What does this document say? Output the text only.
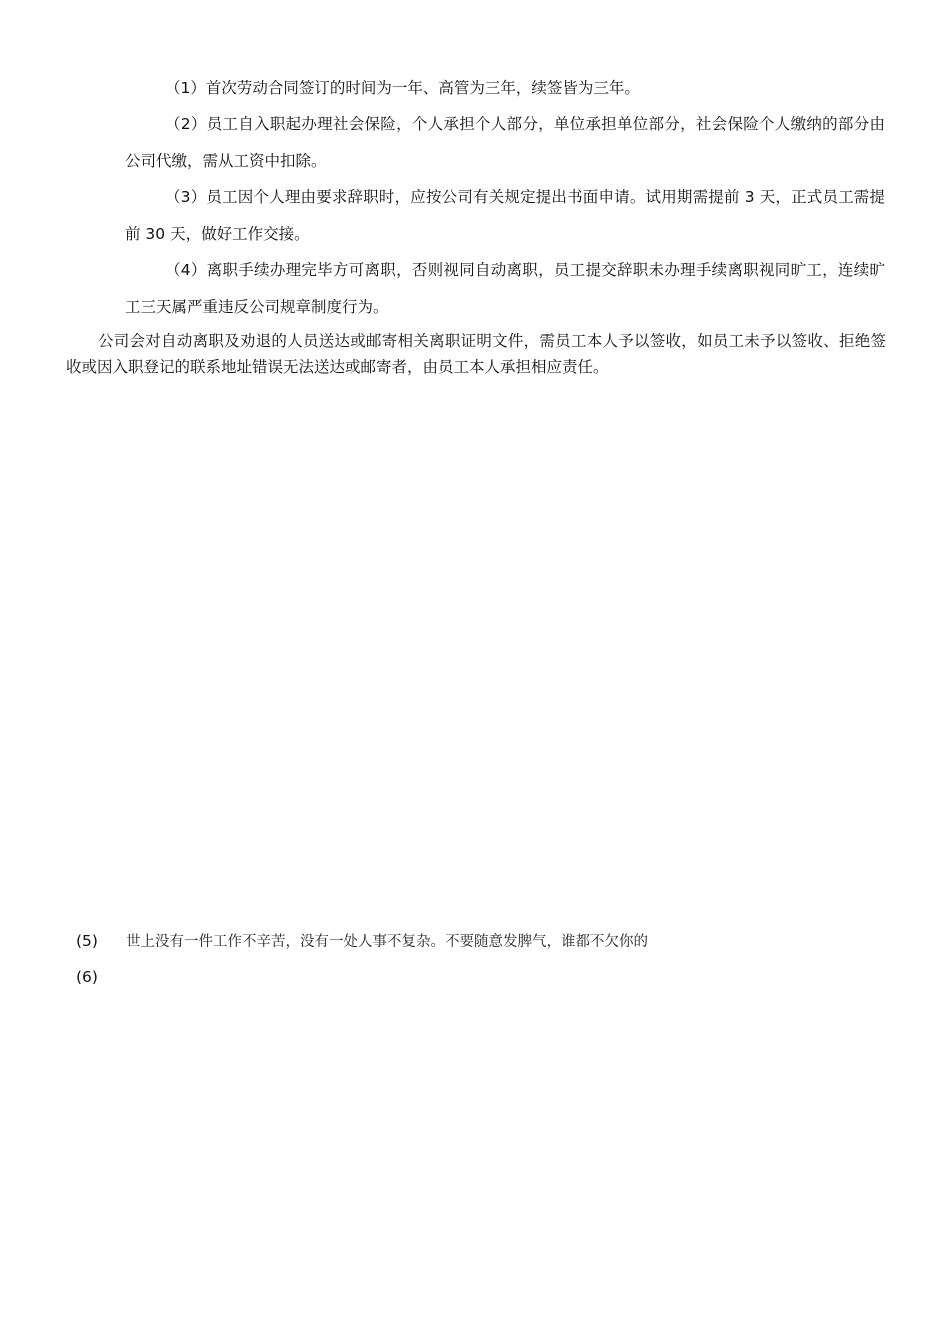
（1）首次劳动合同签订的时间为一年、高管为三年，续签皆为三年。

（2）员工自入职起办理社会保险，个人承担个人部分，单位承担单位部分，社会保险个人缴纳的部分由公司代缴，需从工资中扣除。

（3）员工因个人理由要求辞职时，应按公司有关规定提出书面申请。试用期需提前 3 天，正式员工需提前 30 天，做好工作交接。

（4）离职手续办理完毕方可离职，否则视同自动离职，员工提交辞职未办理手续离职视同旷工，连续旷工三天属严重违反公司规章制度行为。

公司会对自动离职及劝退的人员送达或邮寄相关离职证明文件，需员工本人予以签收，如员工未予以签收、拒绝签收或因入职登记的联系地址错误无法送达或邮寄者，由员工本人承担相应责任。

(5) 世上没有一件工作不辛苦，没有一处人事不复杂。不要随意发脾气，谁都不欠你的
(6)
